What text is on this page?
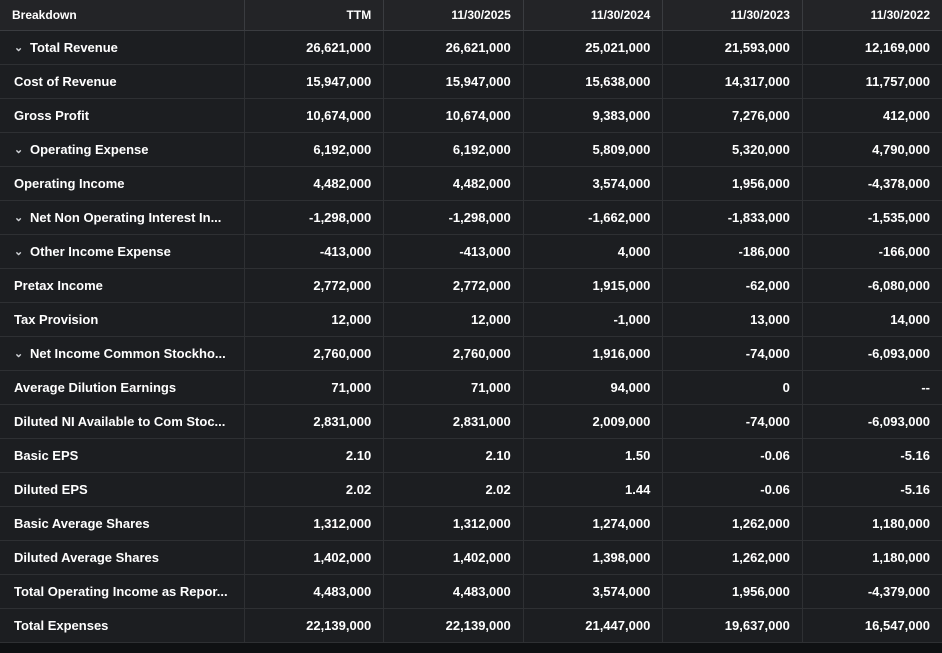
Breakdown	TTM	11/30/2025	11/30/2024	11/30/2023	11/30/2022

⌄ Total Revenue	26,621,000	26,621,000	25,021,000	21,593,000	12,169,000

Cost of Revenue	15,947,000	15,947,000	15,638,000	14,317,000	11,757,000

Gross Profit	10,674,000	10,674,000	9,383,000	7,276,000	412,000

⌄ Operating Expense	6,192,000	6,192,000	5,809,000	5,320,000	4,790,000

Operating Income	4,482,000	4,482,000	3,574,000	1,956,000	-4,378,000

⌄ Net Non Operating Interest In...	-1,298,000	-1,298,000	-1,662,000	-1,833,000	-1,535,000

⌄ Other Income Expense	-413,000	-413,000	4,000	-186,000	-166,000

Pretax Income	2,772,000	2,772,000	1,915,000	-62,000	-6,080,000

Tax Provision	12,000	12,000	-1,000	13,000	14,000

⌄ Net Income Common Stockho...	2,760,000	2,760,000	1,916,000	-74,000	-6,093,000

Average Dilution Earnings	71,000	71,000	94,000	0	--

Diluted NI Available to Com Stoc...	2,831,000	2,831,000	2,009,000	-74,000	-6,093,000

Basic EPS	2.10	2.10	1.50	-0.06	-5.16

Diluted EPS	2.02	2.02	1.44	-0.06	-5.16

Basic Average Shares	1,312,000	1,312,000	1,274,000	1,262,000	1,180,000

Diluted Average Shares	1,402,000	1,402,000	1,398,000	1,262,000	1,180,000

Total Operating Income as Repor...	4,483,000	4,483,000	3,574,000	1,956,000	-4,379,000

Total Expenses	22,139,000	22,139,000	21,447,000	19,637,000	16,547,000
